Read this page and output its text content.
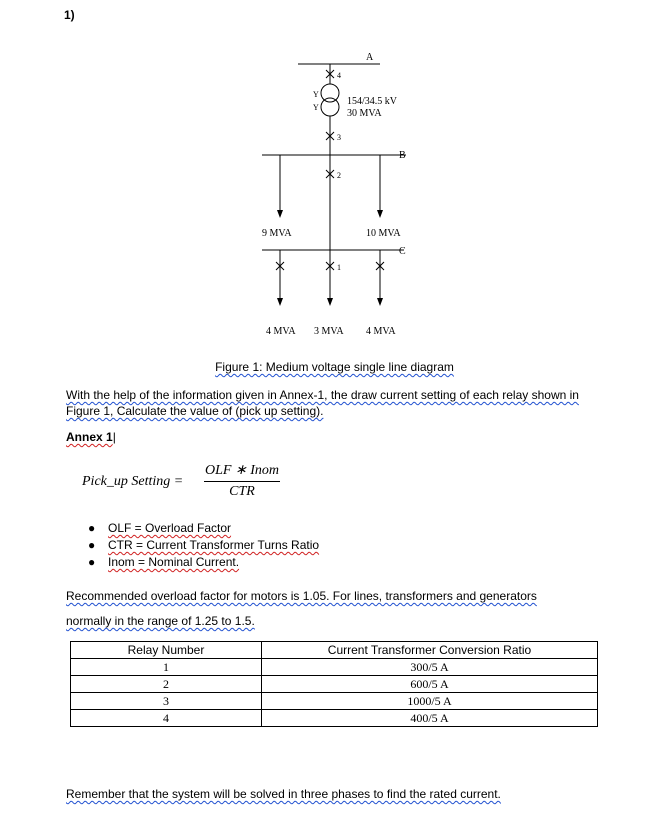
1)
A
B
C
4
3
2
1
Y
Y
154/34.5 kV
30 MVA
9 MVA	10 MVA
4 MVA 3 MVA 4 MVA
Figure 1: Medium voltage single line diagram
With the help of the information given in Annex-1, the draw current setting of each relay shown in Figure 1, Calculate the value of (pick up setting).
Annex 1|
Pick_up Setting =
OLF ∗ Inom
CTR
● OLF = Overload Factor
● CTR = Current Transformer Turns Ratio
● Inom = Nominal Current.
Recommended overload factor for motors is 1.05. For lines, transformers and generators
normally in the range of 1.25 to 1.5.
Relay Number	Current Transformer Conversion Ratio
1	300/5 A
2	600/5 A
3	1000/5 A
4	400/5 A
Remember that the system will be solved in three phases to find the rated current.
